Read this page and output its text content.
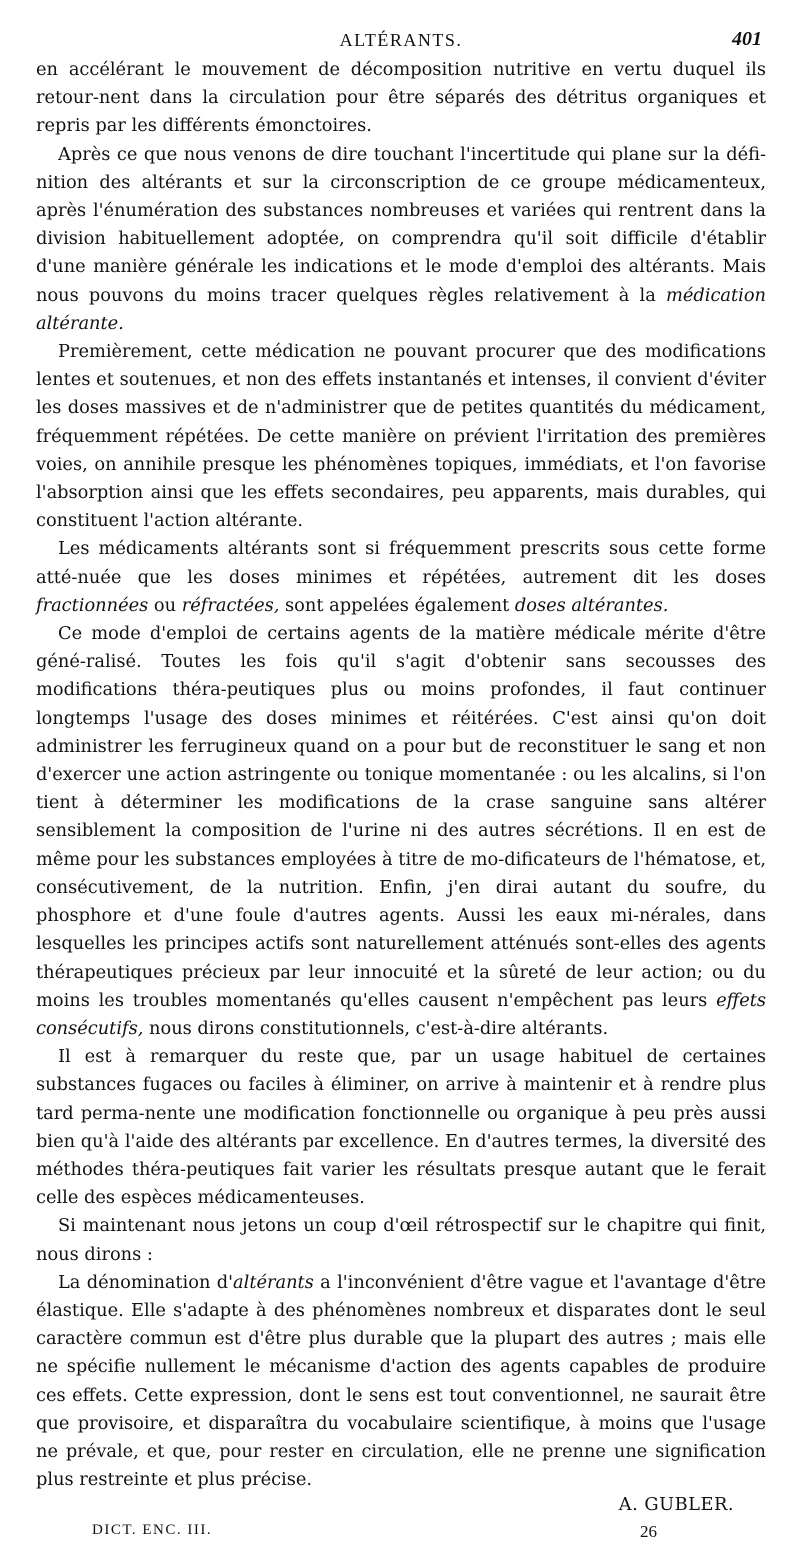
ALTÉRANTS.	401

en accélérant le mouvement de décomposition nutritive en vertu duquel ils retour-nent dans la circulation pour être séparés des détritus organiques et repris par les différents émonctoires.

Après ce que nous venons de dire touchant l'incertitude qui plane sur la défi-nition des altérants et sur la circonscription de ce groupe médicamenteux, après l'énumération des substances nombreuses et variées qui rentrent dans la division habituellement adoptée, on comprendra qu'il soit difficile d'établir d'une manière générale les indications et le mode d'emploi des altérants. Mais nous pouvons du moins tracer quelques règles relativement à la médication altérante.

Premièrement, cette médication ne pouvant procurer que des modifications lentes et soutenues, et non des effets instantanés et intenses, il convient d'éviter les doses massives et de n'administrer que de petites quantités du médicament, fréquemment répétées. De cette manière on prévient l'irritation des premières voies, on annihile presque les phénomènes topiques, immédiats, et l'on favorise l'absorption ainsi que les effets secondaires, peu apparents, mais durables, qui constituent l'action altérante.

Les médicaments altérants sont si fréquemment prescrits sous cette forme atté-nuée que les doses minimes et répétées, autrement dit les doses fractionnées ou réfractées, sont appelées également doses altérantes.

Ce mode d'emploi de certains agents de la matière médicale mérite d'être géné-ralisé. Toutes les fois qu'il s'agit d'obtenir sans secousses des modifications théra-peutiques plus ou moins profondes, il faut continuer longtemps l'usage des doses minimes et réitérées. C'est ainsi qu'on doit administrer les ferrugineux quand on a pour but de reconstituer le sang et non d'exercer une action astringente ou tonique momentanée : ou les alcalins, si l'on tient à déterminer les modifications de la crase sanguine sans altérer sensiblement la composition de l'urine ni des autres sécrétions. Il en est de même pour les substances employées à titre de mo-dificateurs de l'hématose, et, consécutivement, de la nutrition. Enfin, j'en dirai autant du soufre, du phosphore et d'une foule d'autres agents. Aussi les eaux mi-nérales, dans lesquelles les principes actifs sont naturellement atténués sont-elles des agents thérapeutiques précieux par leur innocuité et la sûreté de leur action; ou du moins les troubles momentanés qu'elles causent n'empêchent pas leurs effets consécutifs, nous dirons constitutionnels, c'est-à-dire altérants.

Il est à remarquer du reste que, par un usage habituel de certaines substances fugaces ou faciles à éliminer, on arrive à maintenir et à rendre plus tard perma-nente une modification fonctionnelle ou organique à peu près aussi bien qu'à l'aide des altérants par excellence. En d'autres termes, la diversité des méthodes théra-peutiques fait varier les résultats presque autant que le ferait celle des espèces médicamenteuses.

Si maintenant nous jetons un coup d'œil rétrospectif sur le chapitre qui finit, nous dirons :

La dénomination d'altérants a l'inconvénient d'être vague et l'avantage d'être élastique. Elle s'adapte à des phénomènes nombreux et disparates dont le seul caractère commun est d'être plus durable que la plupart des autres ; mais elle ne spécifie nullement le mécanisme d'action des agents capables de produire ces effets. Cette expression, dont le sens est tout conventionnel, ne saurait être que provisoire, et disparaîtra du vocabulaire scientifique, à moins que l'usage ne prévale, et que, pour rester en circulation, elle ne prenne une signification plus restreinte et plus précise.

A. GUBLER.
DICT. ENC. III.	26
